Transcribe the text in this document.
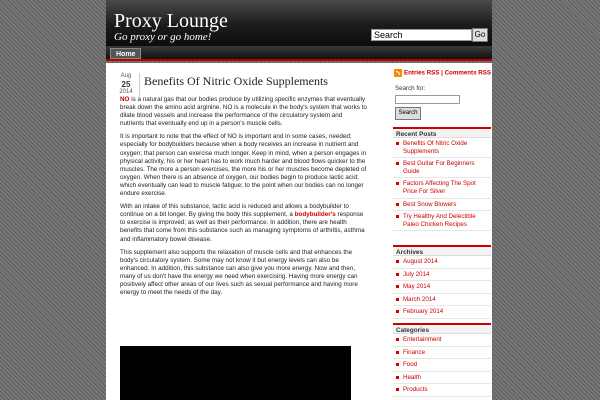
Proxy Lounge
Go proxy or go home!
Search	Go
Home
Aug
25
2014
Benefits Of Nitric Oxide Supplements

NO is a natural gas that our bodies produce by utilizing specific enzymes that eventually break down the amino acid arginine. NO is a molecule in the body's system that works to dilate blood vessels and increase the performance of the circulatory system and nutrients that eventually end up in a person's muscle cells.

It is important to note that the effect of NO is important and in some cases, needed; especially for bodybuilders because when a body receives an increase in nutrient and oxygen; that person can exercise much longer. Keep in mind, when a person engages in physical activity, his or her heart has to work much harder and blood flows quicker to the muscles. The more a person exercises, the more his or her muscles become depleted of oxygen. When there is an absence of oxygen, our bodies begin to produce lactic acid; which eventually can lead to muscle fatigue; to the point when our bodies can no longer endure exercise.

With an intake of this substance, lactic acid is reduced and allows a bodybuilder to continue on a bit longer. By giving the body this supplement, a bodybuilder's response to exercise is improved; as well as their performance. In addition, there are health benefits that come from this substance such as managing symptoms of arthritis, asthma and inflammatory bowel disease.

This supplement also supports the relaxation of muscle cells and that enhances the body's circulatory system. Some may not know it but energy levels can also be enhanced. In addition, this substance can also give you more energy. Now and then, many of us don't have the energy we need when exercising. Having more energy can positively affect other areas of our lives such as sexual performance and having more energy to meet the needs of the day.

Entries RSS | Comments RSS
Search for:
Search
Recent Posts
Benefits Of Nitric Oxide Supplements
Best Guitar For Beginners Guide
Factors Affecting The Spot Price For Silver
Best Snow Blowers
Try Healthy And Delectible Paleo Chicken Recipes
Archives
August 2014
July 2014
May 2014
March 2014
February 2014
Categories
Entertainment
Finance
Food
Health
Products
